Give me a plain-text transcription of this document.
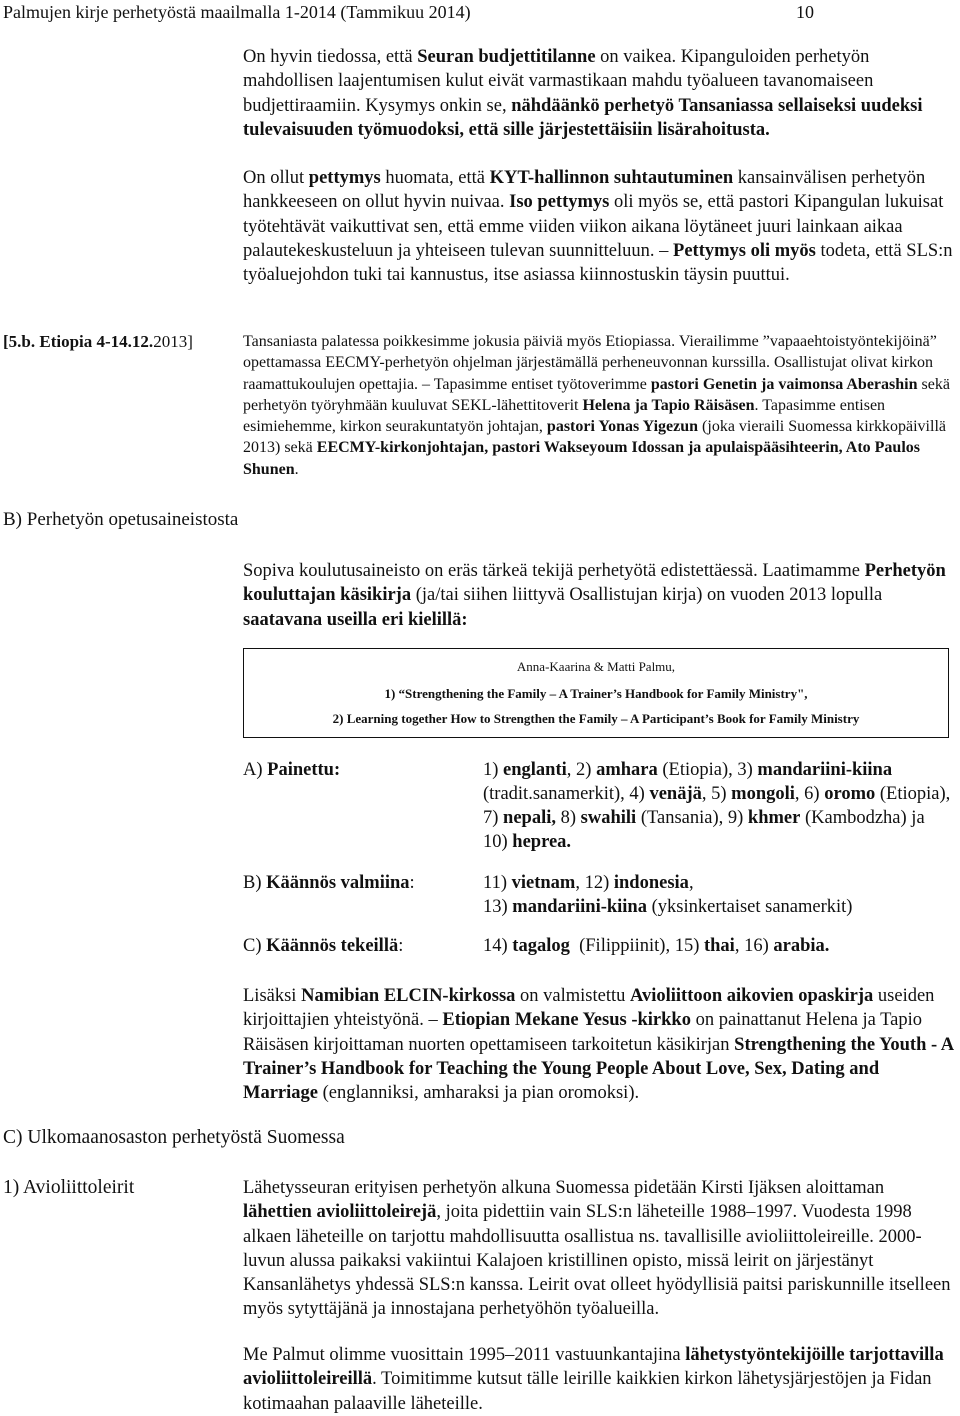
Palmujen kirje perhetyöstä maailmalla 1-2014 (Tammikuu 2014)	10

On hyvin tiedossa, että Seuran budjettitilanne on vaikea. Kipanguloiden perhetyön mahdollisen laajentumisen kulut eivät varmastikaan mahdu työalueen tavanomaiseen budjettiraamiin. Kysymys onkin se, nähdäänkö perhetyö Tansaniassa sellaiseksi uudeksi tulevaisuuden työmuodoksi, että sille järjestettäisiin lisärahoitusta.

On ollut pettymys huomata, että KYT-hallinnon suhtautuminen kansainvälisen perhetyön hankkeeseen on ollut hyvin nuivaa. Iso pettymys oli myös se, että pastori Kipangulan lukuisat työtehtävät vaikuttivat sen, että emme viiden viikon aikana löytäneet juuri lainkaan aikaa palautekeskusteluun ja yhteiseen tulevan suunnitteluun. – Pettymys oli myös todeta, että SLS:n työaluejohdon tuki tai kannustus, itse asiassa kiinnostuskin täysin puuttui.

[5.b. Etiopia 4-14.12.2013]	Tansaniasta palatessa poikkesimme jokusia päiviä myös Etiopiassa. Vierailimme ”vapaaehtoistyöntekijöinä” opettamassa EECMY-perhetyön ohjelman järjestämällä perheneuvonnan kurssilla. Osallistujat olivat kirkon raamattukoulujen opettajia. – Tapasimme entiset työtoverimme pastori Genetin ja vaimonsa Aberashin sekä perhetyön työryhmään kuuluvat SEKL-lähettitoverit Helena ja Tapio Räisäsen. Tapasimme entisen esimiehemme, kirkon seurakuntatyön johtajan, pastori Yonas Yigezun (joka vieraili Suomessa kirkkopäivillä 2013) sekä EECMY-kirkonjohtajan, pastori Wakseyoum Idossan ja apulaispääsihteerin, Ato Paulos Shunen.

B) Perhetyön opetusaineistosta

Sopiva koulutusaineisto on eräs tärkeä tekijä perhetyötä edistettäessä. Laatimamme Perhetyön kouluttajan käsikirja (ja/tai siihen liittyvä Osallistujan kirja) on vuoden 2013 lopulla saatavana useilla eri kielillä:

Anna-Kaarina & Matti Palmu,

1) “Strengthening the Family – A Trainer’s Handbook for Family Ministry",

2) Learning together How to Strengthen the Family – A Participant’s Book for Family Ministry

A) Painettu:	1) englanti, 2) amhara (Etiopia), 3) mandariini-kiina (tradit.sanamerkit), 4) venäjä, 5) mongoli, 6) oromo (Etiopia), 7) nepali, 8) swahili (Tansania), 9) khmer (Kambodzha) ja 10) heprea.

B) Käännös valmiina:	11) vietnam, 12) indonesia,
13) mandariini-kiina (yksinkertaiset sanamerkit)

C) Käännös tekeillä:	14) tagalog  (Filippiinit), 15) thai, 16) arabia.

Lisäksi Namibian ELCIN-kirkossa on valmistettu Avioliittoon aikovien opaskirja useiden kirjoittajien yhteistyönä. – Etiopian Mekane Yesus -kirkko on painattanut Helena ja Tapio Räisäsen kirjoittaman nuorten opettamiseen tarkoitetun käsikirjan Strengthening the Youth - A Trainer’s Handbook for Teaching the Young People About Love, Sex, Dating and Marriage (englanniksi, amharaksi ja pian oromoksi).

C) Ulkomaanosaston perhetyöstä Suomessa

1) Avioliittoleirit	Lähetysseuran erityisen perhetyön alkuna Suomessa pidetään Kirsti Ijäksen aloittaman lähettien avioliittoleirejä, joita pidettiin vain SLS:n läheteille 1988–1997. Vuodesta 1998 alkaen läheteille on tarjottu mahdollisuutta osallistua ns. tavallisille avioliittoleireille. 2000-luvun alussa paikaksi vakiintui Kalajoen kristillinen opisto, missä leirit on järjestänyt Kansanlähetys yhdessä SLS:n kanssa. Leirit ovat olleet hyödyllisiä paitsi pariskunnille itselleen myös sytyttäjänä ja innostajana perhetyöhön työalueilla.

Me Palmut olimme vuosittain 1995–2011 vastuunkantajina lähetystyöntekijöille tarjottavilla avioliittoleireillä. Toimitimme kutsut tälle leirille kaikkien kirkon lähetysjärjestöjen ja Fidan kotimaahan palaaville läheteille.
